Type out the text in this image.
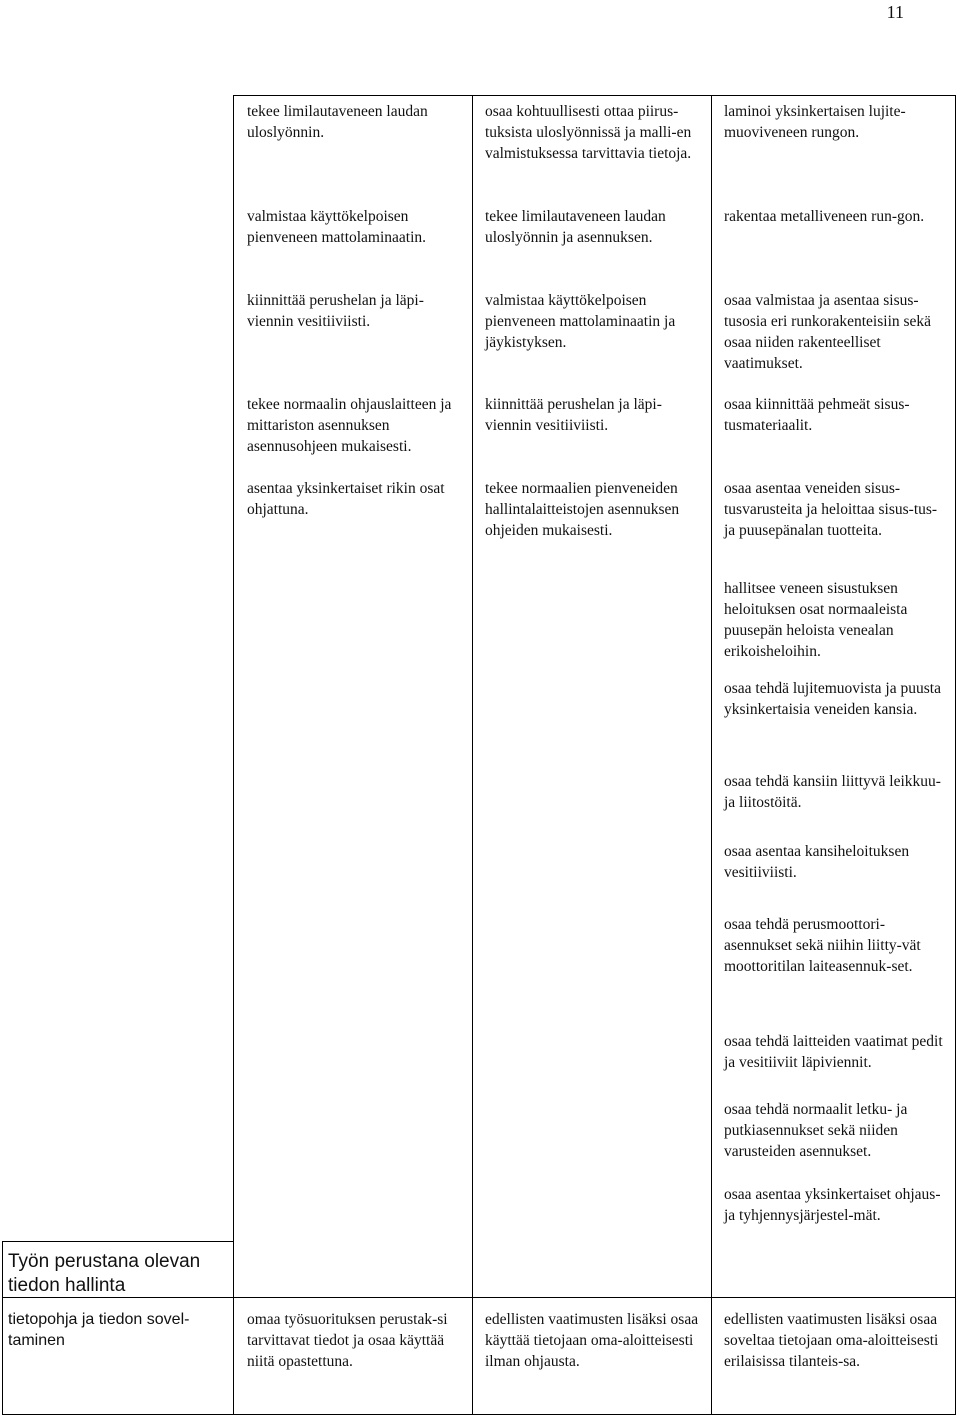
11
tekee limilautaveneen laudan uloslyönnin.
valmistaa käyttökelpoisen pienveneen mattolaminaatin.
kiinnittää perushelan ja läpi-viennin vesitiiviisti.
tekee normaalin ohjauslaitteen ja mittariston asennuksen asennusohjeen mukaisesti.
asentaa yksinkertaiset rikin osat ohjattuna.
osaa kohtuullisesti ottaa piirus-tuksista uloslyönnissä ja malli-en valmistuksessa tarvittavia tietoja.
tekee limilautaveneen laudan uloslyönnin ja asennuksen.
valmistaa käyttökelpoisen pienveneen mattolaminaatin ja jäykistyksen.
kiinnittää perushelan ja läpi-viennin vesitiiviisti.
tekee normaalien pienveneiden hallintalaitteistojen asennuksen ohjeiden mukaisesti.
laminoi yksinkertaisen lujite-muoviveneen rungon.
rakentaa metalliveneen run-gon.
osaa valmistaa ja asentaa sisus-tusosia eri runkorakenteisiin sekä osaa niiden rakenteelliset vaatimukset.
osaa kiinnittää pehmeät sisus-tusmateriaalit.
osaa asentaa veneiden sisus-tusvarusteita ja heloittaa sisus-tus- ja puusepänalan tuotteita.
hallitsee veneen sisustuksen heloituksen osat normaaleista puusepän heloista venealan erikoisheloihin.
osaa tehdä lujitemuovista ja puusta yksinkertaisia veneiden kansia.
osaa tehdä kansiin liittyvä leikkuu- ja liitostöitä.
osaa asentaa kansiheloituksen vesitiiviisti.
osaa tehdä perusmoottori-asennukset sekä niihin liitty-vät moottoritilan laiteasennuk-set.
osaa tehdä laitteiden vaatimat pedit ja vesitiiviit läpiviennit.
osaa tehdä normaalit letku- ja putkiasennukset sekä niiden varusteiden asennukset.
osaa asentaa yksinkertaiset ohjaus- ja tyhjennysjärjestel-mät.
Työn perustana olevan tiedon hallinta
tietopohja ja tiedon sovel-taminen
omaa työsuorituksen perustak-si tarvittavat tiedot ja osaa käyttää niitä opastettuna.
edellisten vaatimusten lisäksi osaa käyttää tietojaan oma-aloitteisesti ilman ohjausta.
edellisten vaatimusten lisäksi osaa soveltaa tietojaan oma-aloitteisesti erilaisissa tilanteis-sa.
